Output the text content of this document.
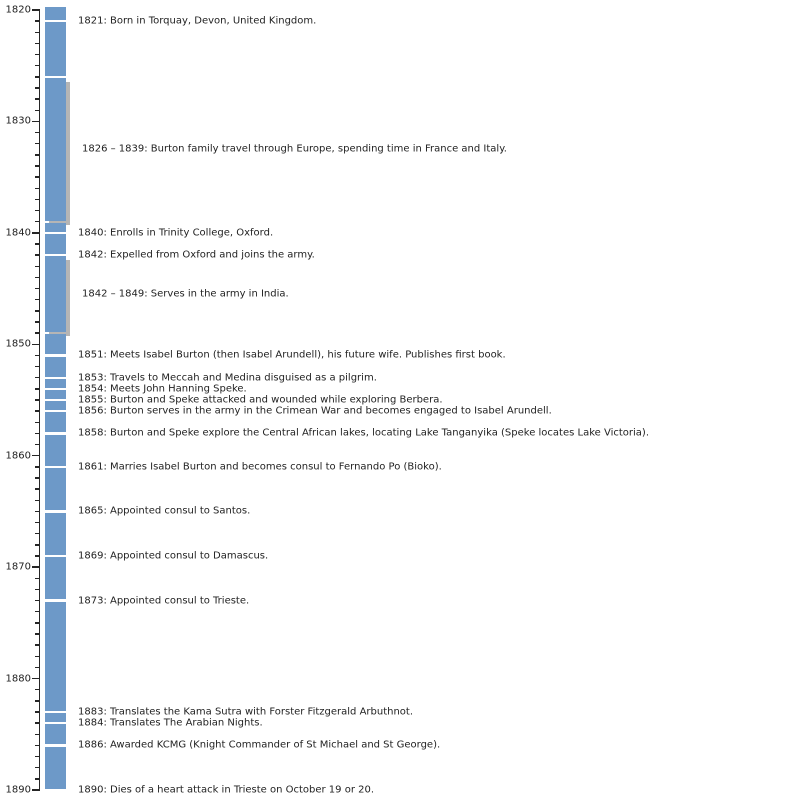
1820
1830
1840
1850
1860
1870
1880
1890
1821: Born in Torquay, Devon, United Kingdom.
1826 – 1839: Burton family travel through Europe, spending time in France and Italy.
1840: Enrolls in Trinity College, Oxford.
1842: Expelled from Oxford and joins the army.
1842 – 1849: Serves in the army in India.
1851: Meets Isabel Burton (then Isabel Arundell), his future wife. Publishes first book.
1853: Travels to Meccah and Medina disguised as a pilgrim.
1854: Meets John Hanning Speke.
1855: Burton and Speke attacked and wounded while exploring Berbera.
1856: Burton serves in the army in the Crimean War and becomes engaged to Isabel Arundell.
1858: Burton and Speke explore the Central African lakes, locating Lake Tanganyika (Speke locates Lake Victoria).
1861: Marries Isabel Burton and becomes consul to Fernando Po (Bioko).
1865: Appointed consul to Santos.
1869: Appointed consul to Damascus.
1873: Appointed consul to Trieste.
1883: Translates the Kama Sutra with Forster Fitzgerald Arbuthnot.
1884: Translates The Arabian Nights.
1886: Awarded KCMG (Knight Commander of St Michael and St George).
1890: Dies of a heart attack in Trieste on October 19 or 20.
